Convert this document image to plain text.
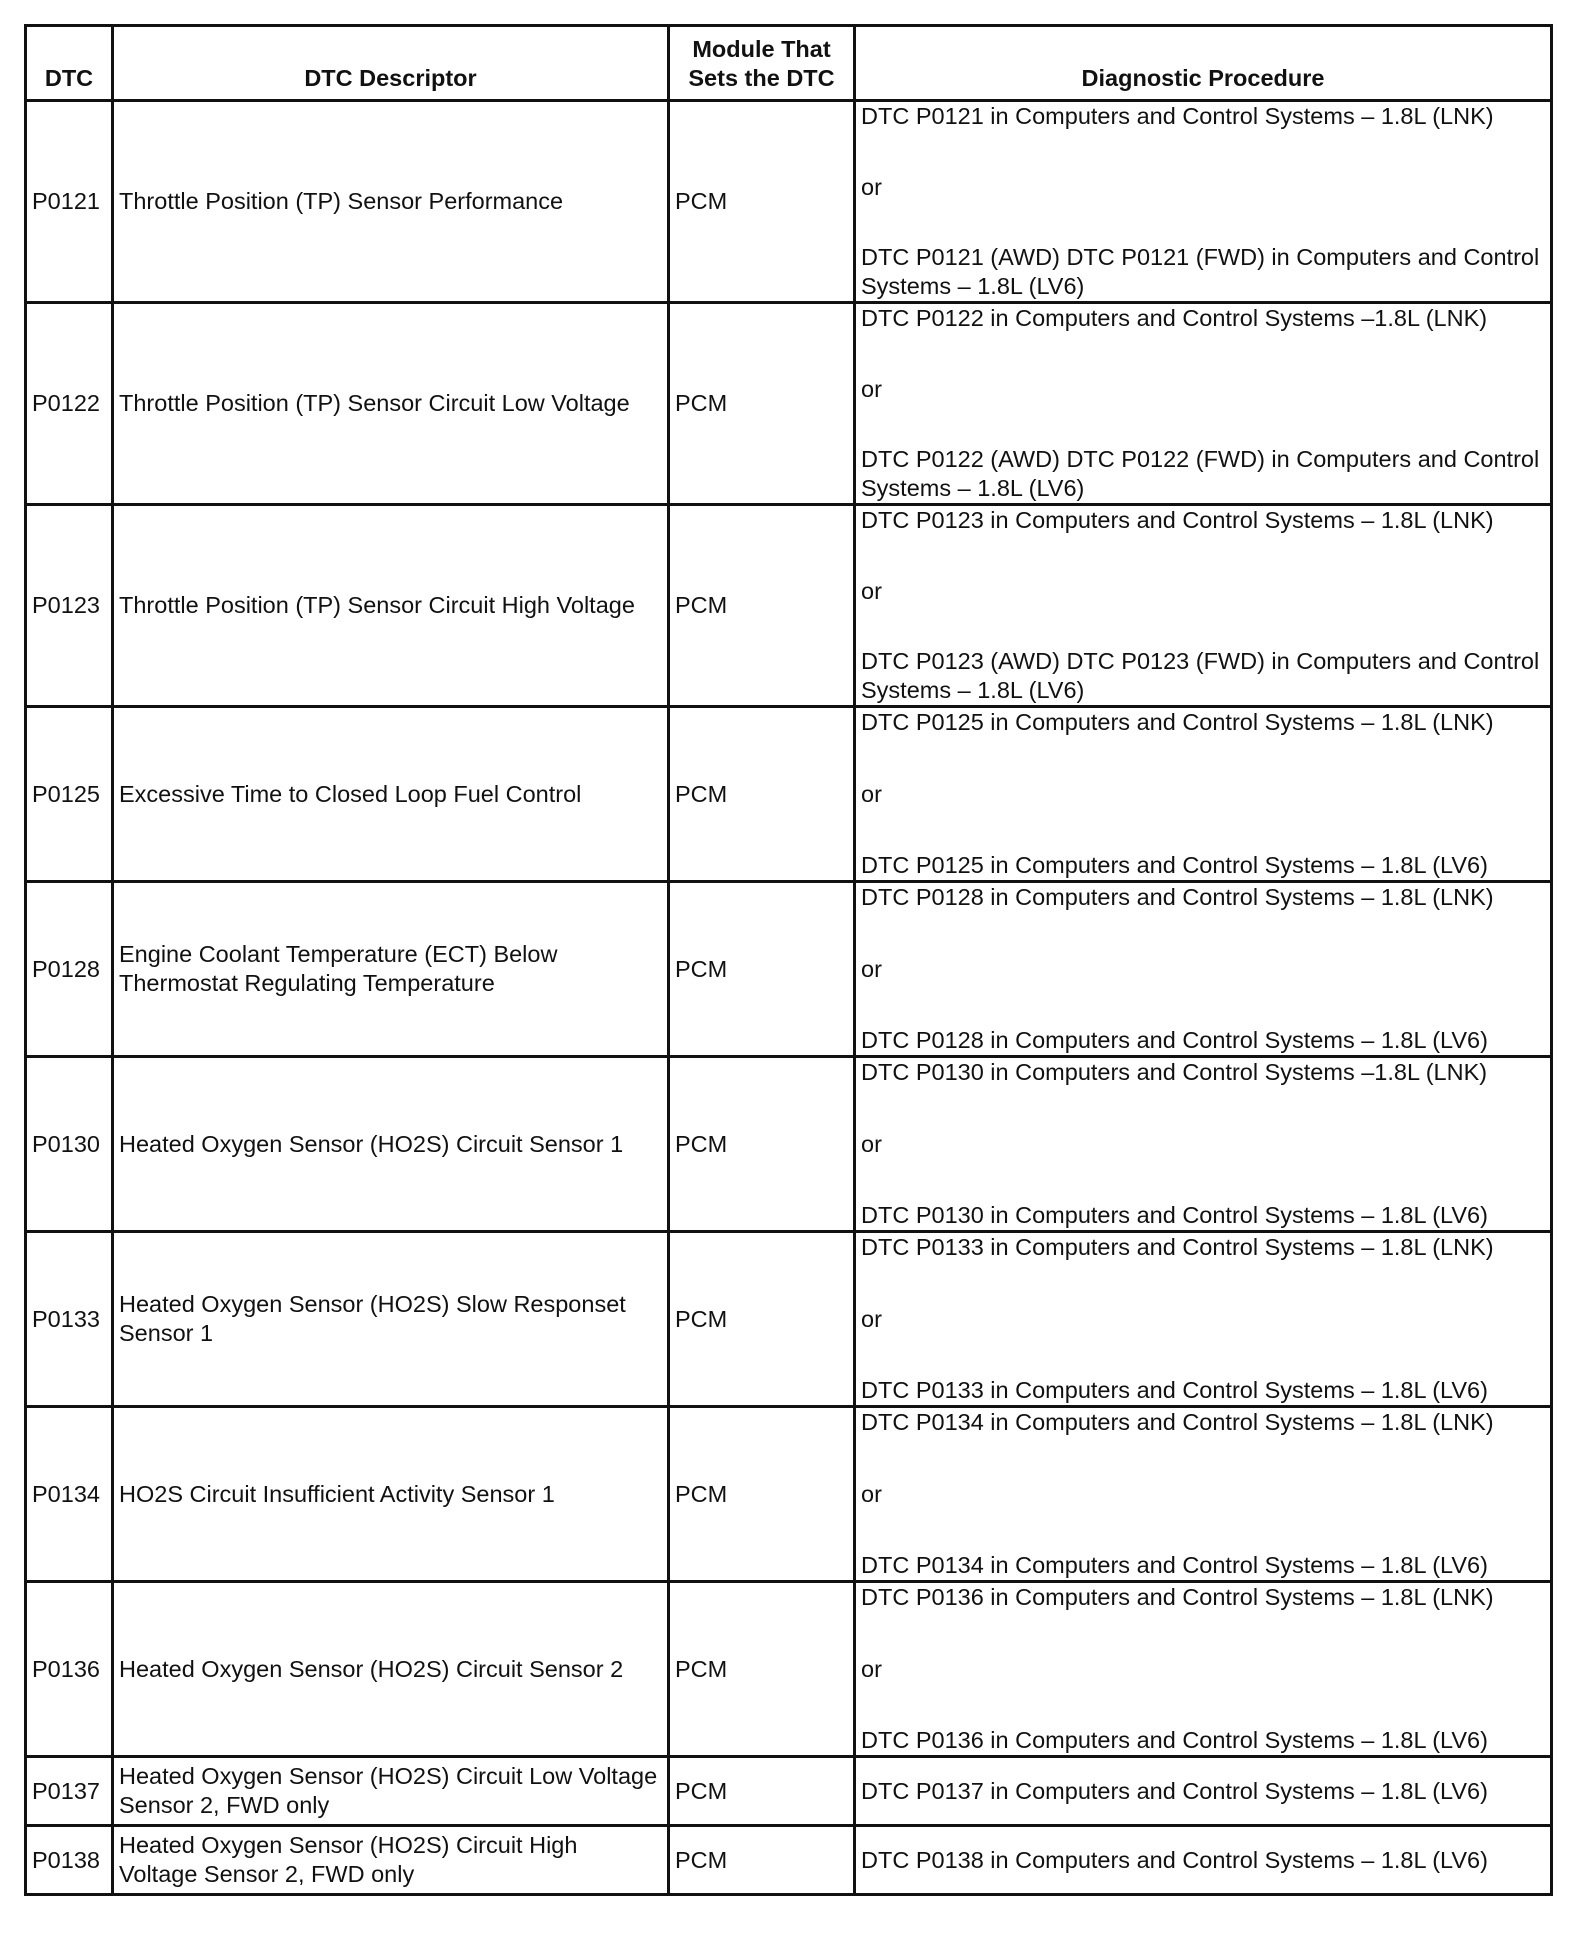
DTC	DTC Descriptor	Module That
Sets the DTC	Diagnostic Procedure
P0121	Throttle Position (TP) Sensor Performance	PCM	DTC P0121 in Computers and Control Systems – 1.8L (LNK)
or
DTC P0121 (AWD) DTC P0121 (FWD) in Computers and Control Systems – 1.8L (LV6)

P0122	Throttle Position (TP) Sensor Circuit Low Voltage	PCM	DTC P0122 in Computers and Control Systems –1.8L (LNK)
or
DTC P0122 (AWD) DTC P0122 (FWD) in Computers and Control Systems – 1.8L (LV6)

P0123	Throttle Position (TP) Sensor Circuit High Voltage	PCM	DTC P0123 in Computers and Control Systems – 1.8L (LNK)
or
DTC P0123 (AWD) DTC P0123 (FWD) in Computers and Control Systems – 1.8L (LV6)

P0125	Excessive Time to Closed Loop Fuel Control	PCM	DTC P0125 in Computers and Control Systems – 1.8L (LNK)
or
DTC P0125 in Computers and Control Systems – 1.8L (LV6)

P0128	Engine Coolant Temperature (ECT) Below Thermostat Regulating Temperature	PCM	DTC P0128 in Computers and Control Systems – 1.8L (LNK)
or
DTC P0128 in Computers and Control Systems – 1.8L (LV6)

P0130	Heated Oxygen Sensor (HO2S) Circuit Sensor 1	PCM	DTC P0130 in Computers and Control Systems –1.8L (LNK)
or
DTC P0130 in Computers and Control Systems – 1.8L (LV6)

P0133	Heated Oxygen Sensor (HO2S) Slow Responset Sensor 1	PCM	DTC P0133 in Computers and Control Systems – 1.8L (LNK)
or
DTC P0133 in Computers and Control Systems – 1.8L (LV6)

P0134	HO2S Circuit Insufficient Activity Sensor 1	PCM	DTC P0134 in Computers and Control Systems – 1.8L (LNK)
or
DTC P0134 in Computers and Control Systems – 1.8L (LV6)

P0136	Heated Oxygen Sensor (HO2S) Circuit Sensor 2	PCM	DTC P0136 in Computers and Control Systems – 1.8L (LNK)
or
DTC P0136 in Computers and Control Systems – 1.8L (LV6)

P0137	Heated Oxygen Sensor (HO2S) Circuit Low Voltage Sensor 2, FWD only	PCM	DTC P0137 in Computers and Control Systems – 1.8L (LV6)
P0138	Heated Oxygen Sensor (HO2S) Circuit High Voltage Sensor 2, FWD only	PCM	DTC P0138 in Computers and Control Systems – 1.8L (LV6)
